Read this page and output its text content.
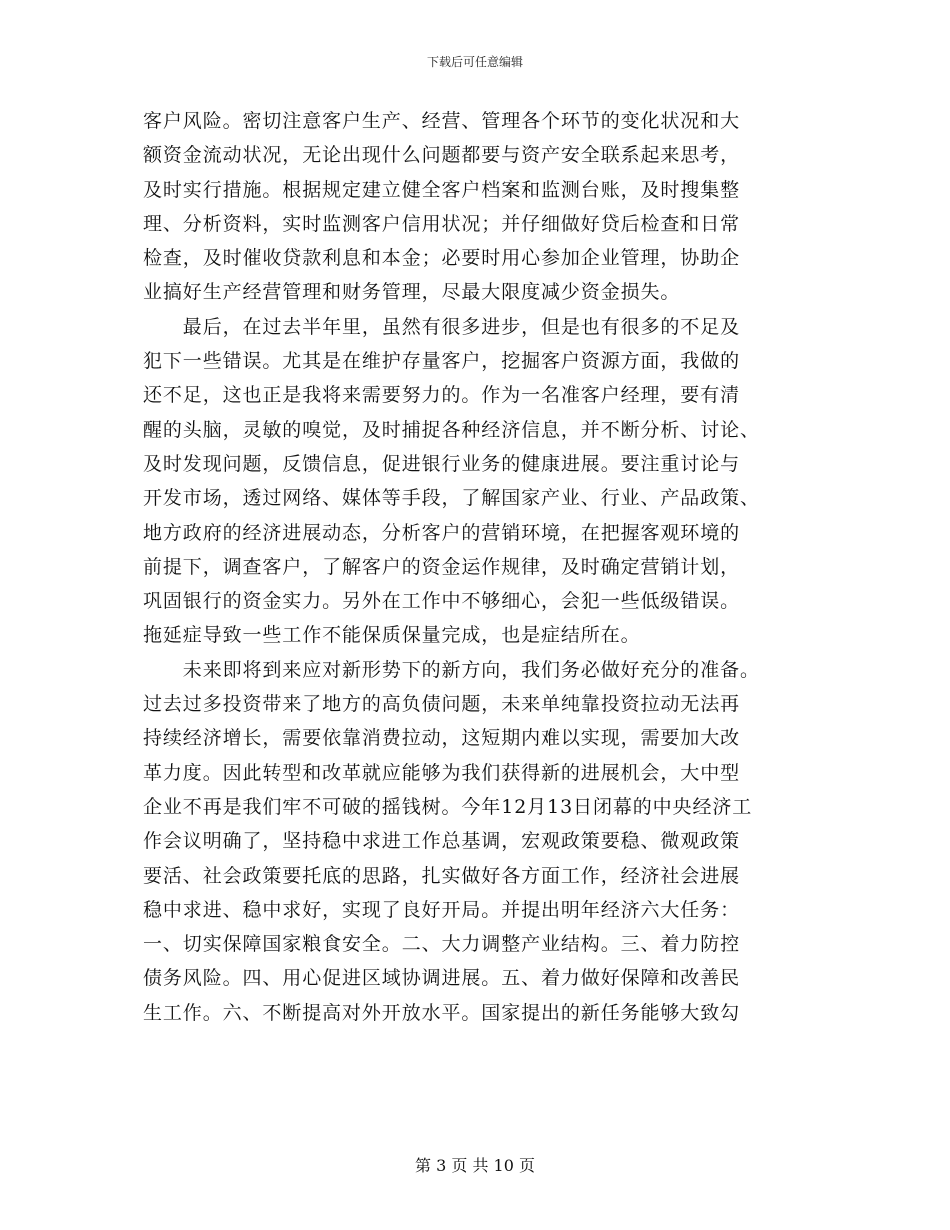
下载后可任意编辑
客户风险。密切注意客户生产、经营、管理各个环节的变化状况和大
额资金流动状况，无论出现什么问题都要与资产安全联系起来思考，
及时实行措施。根据规定建立健全客户档案和监测台账，及时搜集整
理、分析资料，实时监测客户信用状况；并仔细做好贷后检查和日常
检查，及时催收贷款利息和本金；必要时用心参加企业管理，协助企
业搞好生产经营管理和财务管理，尽最大限度减少资金损失。
　　最后，在过去半年里，虽然有很多进步，但是也有很多的不足及
犯下一些错误。尤其是在维护存量客户，挖掘客户资源方面，我做的
还不足，这也正是我将来需要努力的。作为一名准客户经理，要有清
醒的头脑，灵敏的嗅觉，及时捕捉各种经济信息，并不断分析、讨论、
及时发现问题，反馈信息，促进银行业务的健康进展。要注重讨论与
开发市场，透过网络、媒体等手段，了解国家产业、行业、产品政策、
地方政府的经济进展动态，分析客户的营销环境，在把握客观环境的
前提下，调查客户，了解客户的资金运作规律，及时确定营销计划，
巩固银行的资金实力。另外在工作中不够细心，会犯一些低级错误。
拖延症导致一些工作不能保质保量完成，也是症结所在。
　　未来即将到来应对新形势下的新方向，我们务必做好充分的准备。
过去过多投资带来了地方的高负债问题，未来单纯靠投资拉动无法再
持续经济增长，需要依靠消费拉动，这短期内难以实现，需要加大改
革力度。因此转型和改革就应能够为我们获得新的进展机会，大中型
企业不再是我们牢不可破的摇钱树。今年12月13日闭幕的中央经济工
作会议明确了，坚持稳中求进工作总基调，宏观政策要稳、微观政策
要活、社会政策要托底的思路，扎实做好各方面工作，经济社会进展
稳中求进、稳中求好，实现了良好开局。并提出明年经济六大任务：
一、切实保障国家粮食安全。二、大力调整产业结构。三、着力防控
债务风险。四、用心促进区域协调进展。五、着力做好保障和改善民
生工作。六、不断提高对外开放水平。国家提出的新任务能够大致勾
第 3 页 共 10 页
